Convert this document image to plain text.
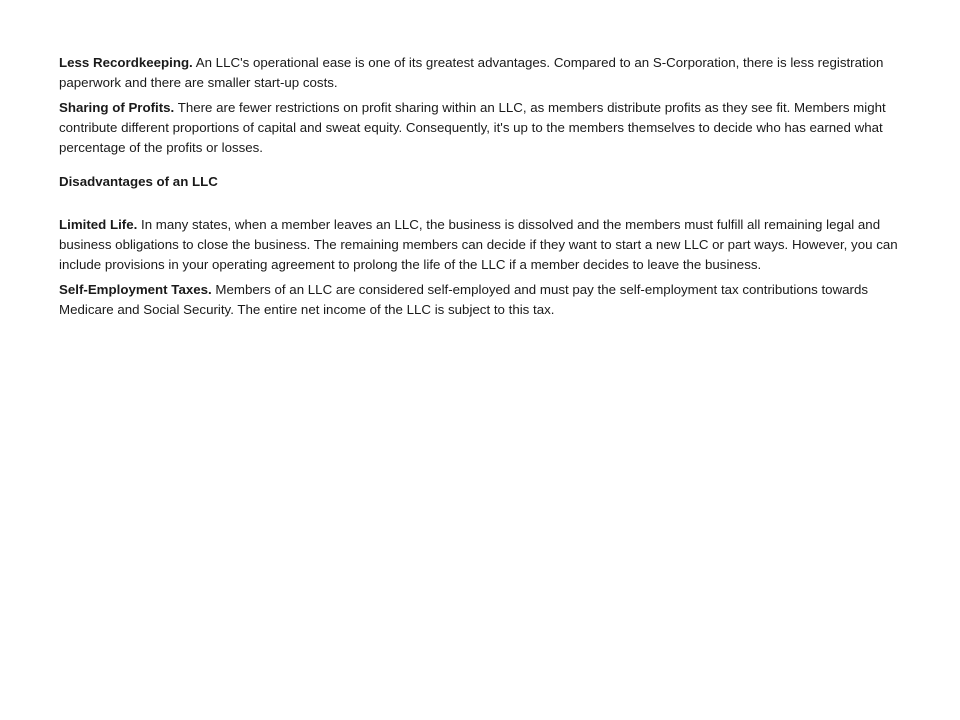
Less Recordkeeping. An LLC's operational ease is one of its greatest advantages. Compared to an S-Corporation, there is less registration paperwork and there are smaller start-up costs.

Sharing of Profits. There are fewer restrictions on profit sharing within an LLC, as members distribute profits as they see fit. Members might contribute different proportions of capital and sweat equity. Consequently, it's up to the members themselves to decide who has earned what percentage of the profits or losses.

Disadvantages of an LLC

Limited Life. In many states, when a member leaves an LLC, the business is dissolved and the members must fulfill all remaining legal and business obligations to close the business. The remaining members can decide if they want to start a new LLC or part ways. However, you can include provisions in your operating agreement to prolong the life of the LLC if a member decides to leave the business.

Self-Employment Taxes. Members of an LLC are considered self-employed and must pay the self-employment tax contributions towards Medicare and Social Security. The entire net income of the LLC is subject to this tax.
